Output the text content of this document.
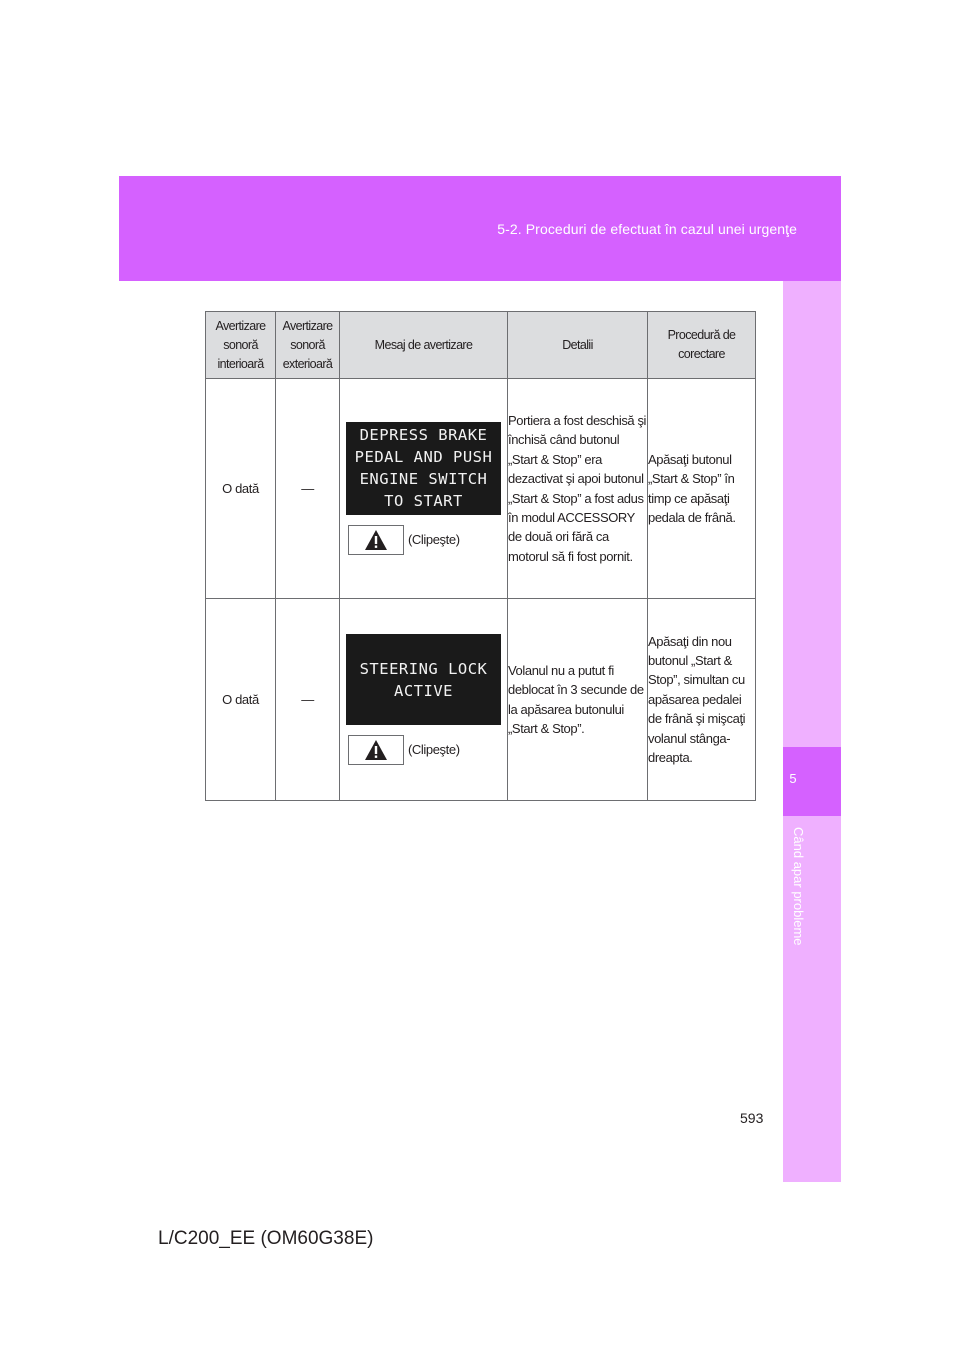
5-2. Proceduri de efectuat în cazul unei urgenţe
5
Când apar probleme
Avertizare sonoră interioară	Avertizare sonoră exterioară	Mesaj de avertizare	Detalii	Procedură de corectare
O dată	—	DEPRESS BRAKE
PEDAL AND PUSH
ENGINE SWITCH
TO START
(Clipeşte)	Portiera a fost deschisă şi închisă când butonul „Start & Stop” era dezactivat şi apoi butonul „Start & Stop” a fost adus în modul ACCESSORY de două ori fără ca motorul să fi fost pornit.	Apăsaţi butonul „Start & Stop” în timp ce apăsaţi pedala de frână.
O dată	—	STEERING LOCK
ACTIVE
(Clipeşte)	Volanul nu a putut fi deblocat în 3 secunde de la apăsarea butonului „Start & Stop”.	Apăsaţi din nou butonul „Start & Stop”, simultan cu apăsarea pedalei de frână şi mişcaţi volanul stânga-dreapta.
593
L/C200_EE (OM60G38E)
